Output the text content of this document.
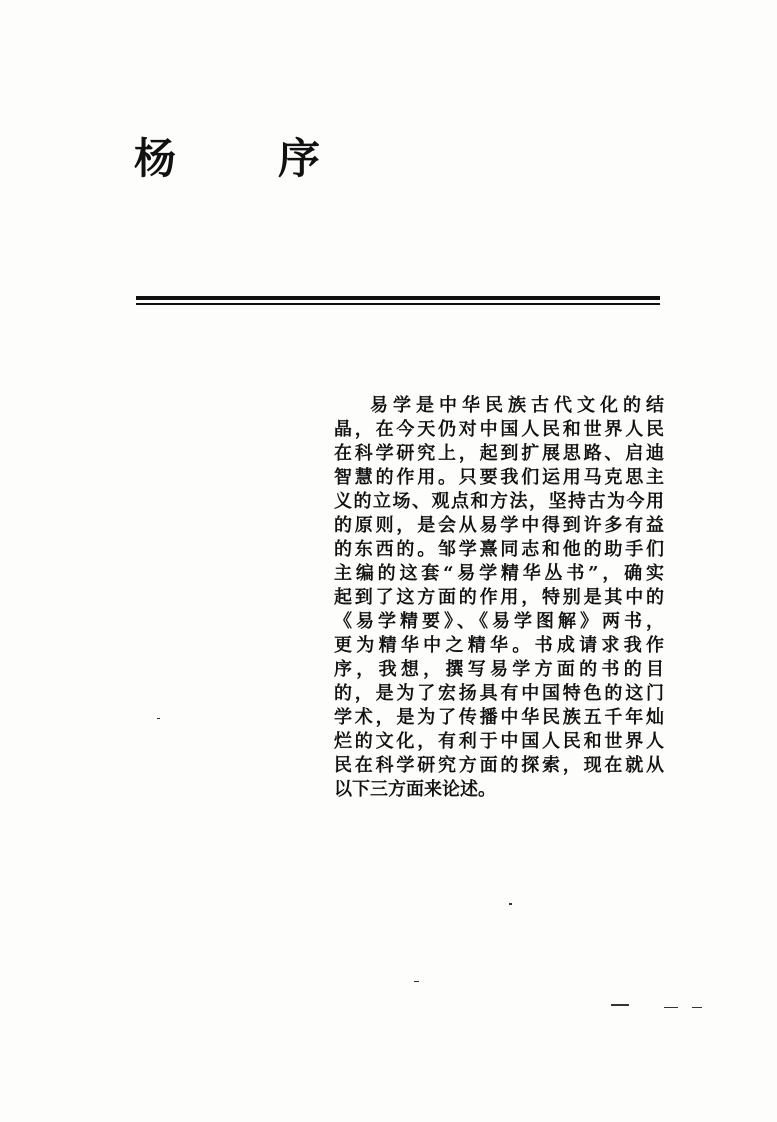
杨　序
易学是中华民族古代文化的结
晶，在今天仍对中国人民和世界人民
在科学研究上，起到扩展思路、启迪
智慧的作用。只要我们运用马克思主
义的立场、观点和方法，坚持古为今用
的原则，是会从易学中得到许多有益
的东西的。邹学熹同志和他的助手们
主编的这套“易学精华丛书”，确实
起到了这方面的作用，特别是其中的
《易学精要》、《易学图解》两书，
更为精华中之精华。书成请求我作
序，我想，撰写易学方面的书的目
的，是为了宏扬具有中国特色的这门
学术，是为了传播中华民族五千年灿
烂的文化，有利于中国人民和世界人
民在科学研究方面的探索，现在就从
以下三方面来论述。
